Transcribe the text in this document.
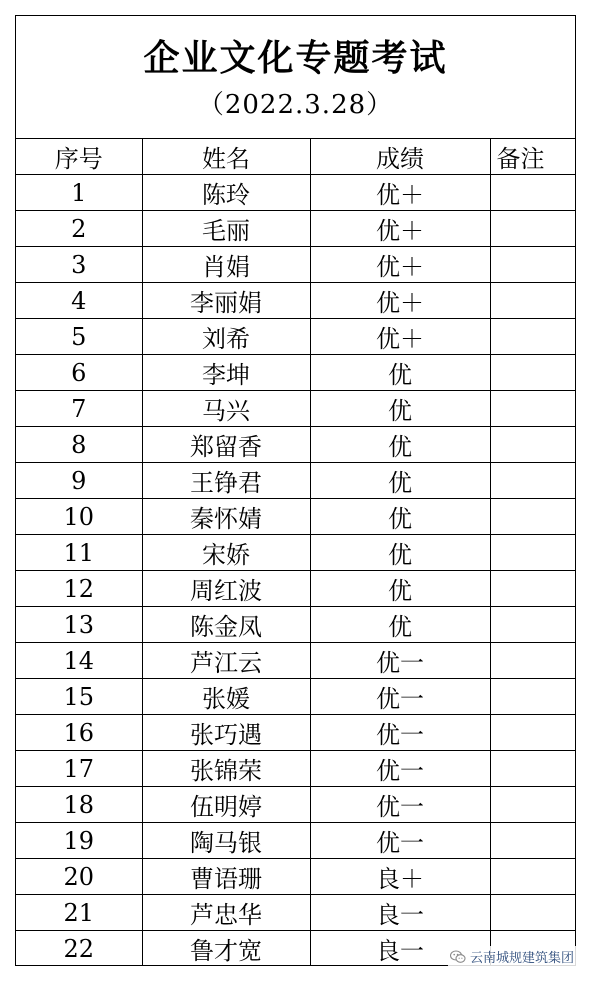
企业文化专题考试
（2022.3.28）
序号	姓名	成绩	备注
1	陈玲	优＋	
2	毛丽	优＋	
3	肖娟	优＋	
4	李丽娟	优＋	
5	刘希	优＋	
6	李坤	优	
7	马兴	优	
8	郑留香	优	
9	王铮君	优	
10	秦怀婧	优	
11	宋娇	优	
12	周红波	优	
13	陈金凤	优	
14	芦江云	优一	
15	张媛	优一	
16	张巧遇	优一	
17	张锦荣	优一	
18	伍明婷	优一	
19	陶马银	优一	
20	曹语珊	良＋	
21	芦忠华	良一	
22	鲁才宽	良一		云南城规建筑集团
